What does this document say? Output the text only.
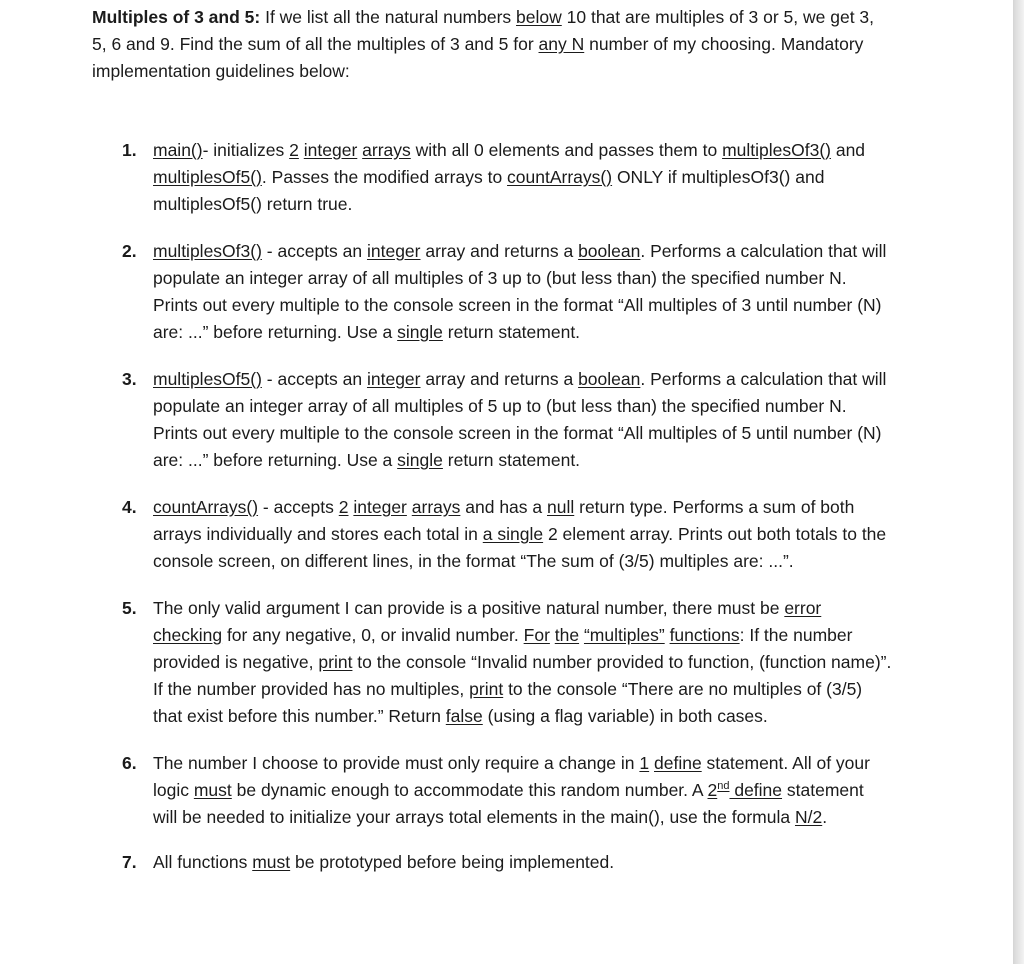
Multiples of 3 and 5: If we list all the natural numbers below 10 that are multiples of 3 or 5, we get 3, 5, 6 and 9. Find the sum of all the multiples of 3 and 5 for any N number of my choosing. Mandatory implementation guidelines below:

1. main()- initializes 2 integer arrays with all 0 elements and passes them to multiplesOf3() and multiplesOf5(). Passes the modified arrays to countArrays() ONLY if multiplesOf3() and multiplesOf5() return true.
2. multiplesOf3() - accepts an integer array and returns a boolean. Performs a calculation that will populate an integer array of all multiples of 3 up to (but less than) the specified number N. Prints out every multiple to the console screen in the format “All multiples of 3 until number (N) are: ...” before returning. Use a single return statement.
3. multiplesOf5() - accepts an integer array and returns a boolean. Performs a calculation that will populate an integer array of all multiples of 5 up to (but less than) the specified number N. Prints out every multiple to the console screen in the format “All multiples of 5 until number (N) are: ...” before returning. Use a single return statement.
4. countArrays() - accepts 2 integer arrays and has a null return type. Performs a sum of both arrays individually and stores each total in a single 2 element array. Prints out both totals to the console screen, on different lines, in the format “The sum of (3/5) multiples are: ...”.
5. The only valid argument I can provide is a positive natural number, there must be error checking for any negative, 0, or invalid number. For the “multiples” functions: If the number provided is negative, print to the console “Invalid number provided to function, (function name)”. If the number provided has no multiples, print to the console “There are no multiples of (3/5) that exist before this number.” Return false (using a flag variable) in both cases.
6. The number I choose to provide must only require a change in 1 define statement. All of your logic must be dynamic enough to accommodate this random number. A 2nd define statement will be needed to initialize your arrays total elements in the main(), use the formula N/2.
7. All functions must be prototyped before being implemented.
